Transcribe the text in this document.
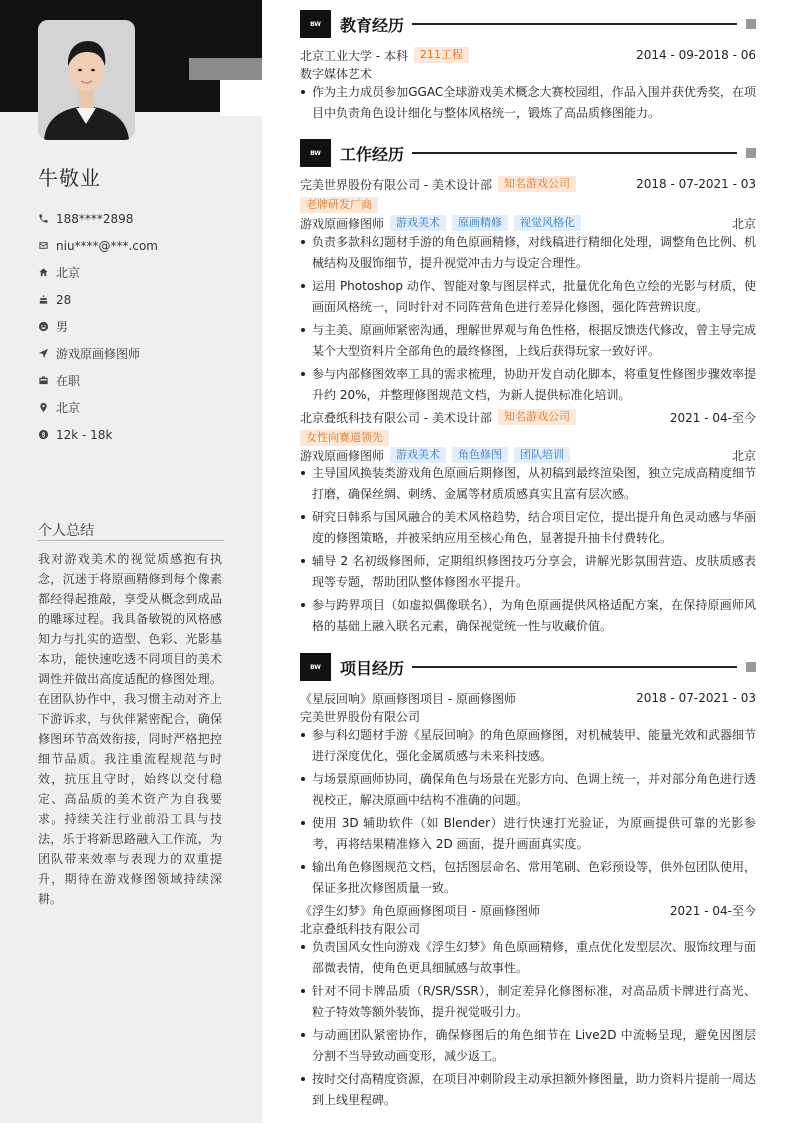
牛敬业
188****2898
niu****@***.com
北京
28
男
游戏原画修图师
在职
北京
12k - 18k
个人总结

我对游戏美术的视觉质感抱有执念，沉迷于将原画精修到每个像素都经得起推敲，享受从概念到成品的雕琢过程。我具备敏锐的风格感知力与扎实的造型、色彩、光影基本功，能快速吃透不同项目的美术调性并做出高度适配的修图处理。在团队协作中，我习惯主动对齐上下游诉求，与伙伴紧密配合，确保修图环节高效衔接，同时严格把控细节品质。我注重流程规范与时效，抗压且守时，始终以交付稳定、高品质的美术资产为自我要求。持续关注行业前沿工具与技法，乐于将新思路融入工作流，为团队带来效率与表现力的双重提升，期待在游戏修图领域持续深耕。

BW	教育经历
北京工业大学 - 本科	211工程	2014 - 09-2018 - 06
数字媒体艺术
作为主力成员参加GGAC全球游戏美术概念大赛校园组，作品入围并获优秀奖，在项目中负责角色设计细化与整体风格统一，锻炼了高品质修图能力。
BW	工作经历
完美世界股份有限公司 - 美术设计部	知名游戏公司	2018 - 07-2021 - 03
老牌研发厂商
游戏原画修图师	游戏美术	原画精修	视觉风格化	北京
负责多款科幻题材手游的角色原画精修，对线稿进行精细化处理，调整角色比例、机械结构及服饰细节，提升视觉冲击力与设定合理性。
运用 Photoshop 动作、智能对象与图层样式，批量优化角色立绘的光影与材质，使画面风格统一，同时针对不同阵营角色进行差异化修图，强化阵营辨识度。
与主美、原画师紧密沟通，理解世界观与角色性格，根据反馈迭代修改，曾主导完成某个大型资料片全部角色的最终修图，上线后获得玩家一致好评。
参与内部修图效率工具的需求梳理，协助开发自动化脚本，将重复性修图步骤效率提升约 20%，并整理修图规范文档，为新人提供标准化培训。
北京叠纸科技有限公司 - 美术设计部	知名游戏公司	2021 - 04-至今
女性向赛道领先
游戏原画修图师	游戏美术	角色修图	团队培训	北京
主导国风换装类游戏角色原画后期修图，从初稿到最终渲染图，独立完成高精度细节打磨，确保丝绸、刺绣、金属等材质质感真实且富有层次感。
研究日韩系与国风融合的美术风格趋势，结合项目定位，提出提升角色灵动感与华丽度的修图策略，并被采纳应用至核心角色，显著提升抽卡付费转化。
辅导 2 名初级修图师，定期组织修图技巧分享会，讲解光影氛围营造、皮肤质感表现等专题，帮助团队整体修图水平提升。
参与跨界项目（如虚拟偶像联名），为角色原画提供风格适配方案，在保持原画师风格的基础上融入联名元素，确保视觉统一性与收藏价值。
BW	项目经历
《星辰回响》原画修图项目 - 原画修图师	2018 - 07-2021 - 03
完美世界股份有限公司
参与科幻题材手游《星辰回响》的角色原画修图，对机械装甲、能量光效和武器细节进行深度优化，强化金属质感与未来科技感。
与场景原画师协同，确保角色与场景在光影方向、色调上统一，并对部分角色进行透视校正，解决原画中结构不准确的问题。
使用 3D 辅助软件（如 Blender）进行快速打光验证，为原画提供可靠的光影参考，再将结果精准修入 2D 画面，提升画面真实度。
输出角色修图规范文档，包括图层命名、常用笔刷、色彩预设等，供外包团队使用，保证多批次修图质量一致。
《浮生幻梦》角色原画修图项目 - 原画修图师	2021 - 04-至今
北京叠纸科技有限公司
负责国风女性向游戏《浮生幻梦》角色原画精修，重点优化发型层次、服饰纹理与面部微表情，使角色更具细腻感与故事性。
针对不同卡牌品质（R/SR/SSR），制定差异化修图标准，对高品质卡牌进行高光、粒子特效等额外装饰，提升视觉吸引力。
与动画团队紧密协作，确保修图后的角色细节在 Live2D 中流畅呈现，避免因图层分割不当导致动画变形，减少返工。
按时交付高精度资源，在项目冲刺阶段主动承担额外修图量，助力资料片提前一周达到上线里程碑。
